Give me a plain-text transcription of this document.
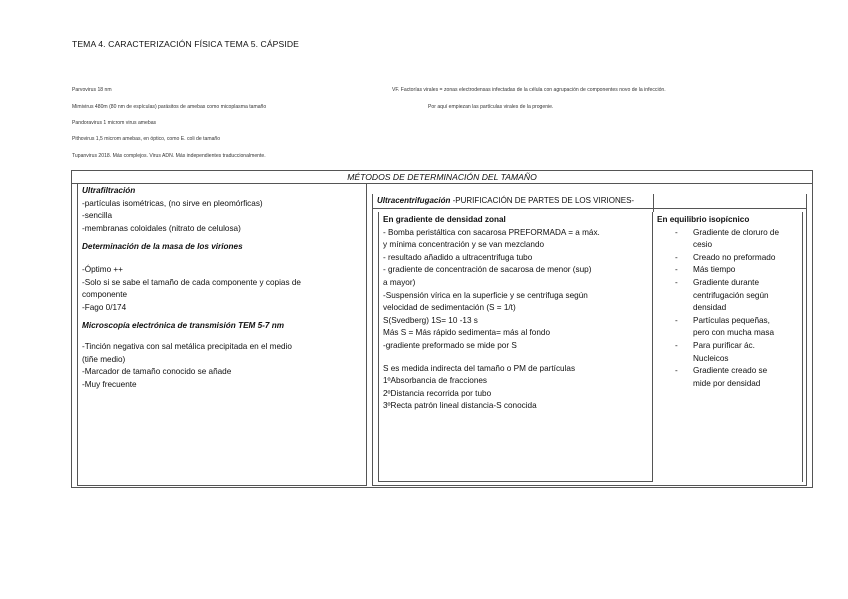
TEMA 4. CARACTERIZACIÓN FÍSICA TEMA 5. CÁPSIDE
Parvovirus 18 nm
Mimivirus 480m (80 nm de espículas) parásitos de amebas como micoplasma tamaño
Pandoravirus 1 microm virus amebas
Pithovirus 1,5 microm amebas, en óptico, como E. coli de tamaño
Tupanvirus 2018. Más complejos. Virus ADN. Más independientes traduccionalmente.
VF. Factorías virales = zonas electrodensas infectadas de la célula con agrupación de componentes novo de la infección.
Por aquí empiezan las partículas virales de la progenie.
MÉTODOS DE DETERMINACIÓN DEL TAMAÑO
Ultrafiltración
-partículas isométricas, (no sirve en pleomórficas)
-sencilla
-membranas coloidales (nitrato de celulosa)
Determinación de la masa de los viriones
-Óptimo ++
-Solo si se sabe el tamaño de cada componente y copias de
componente
-Fago 0/174
Microscopía electrónica de transmisión TEM 5-7 nm
-Tinción negativa con sal metálica precipitada en el medio
(tiñe medio)
-Marcador de tamaño conocido se añade
-Muy frecuente
Ultracentrifugación -PURIFICACIÓN DE PARTES DE LOS VIRIONES-
En gradiente de densidad zonal
- Bomba peristáltica con sacarosa PREFORMADA = a máx.
y mínima concentración y se van mezclando
- resultado añadido a ultracentrifuga tubo
- gradiente de concentración de sacarosa de menor (sup)
a mayor)
-Suspensión vírica en la superficie y se centrifuga según
velocidad de sedimentación (S = 1/t)
S(Svedberg) 1S= 10 -13 s
Más S = Más rápido sedimenta= más al fondo
-gradiente preformado se mide por S
S es medida indirecta del tamaño o PM de partículas
1ºAbsorbancia de fracciones
2ºDistancia recorrida por tubo
3ºRecta patrón lineal distancia-S conocida
En equilibrio isopícnico
- Gradiente de cloruro de
cesio
- Creado no preformado
- Más tiempo
- Gradiente durante
centrifugación según
densidad
- Partículas pequeñas,
pero con mucha masa
- Para purificar ác.
Nucleicos
- Gradiente creado se
mide por densidad
